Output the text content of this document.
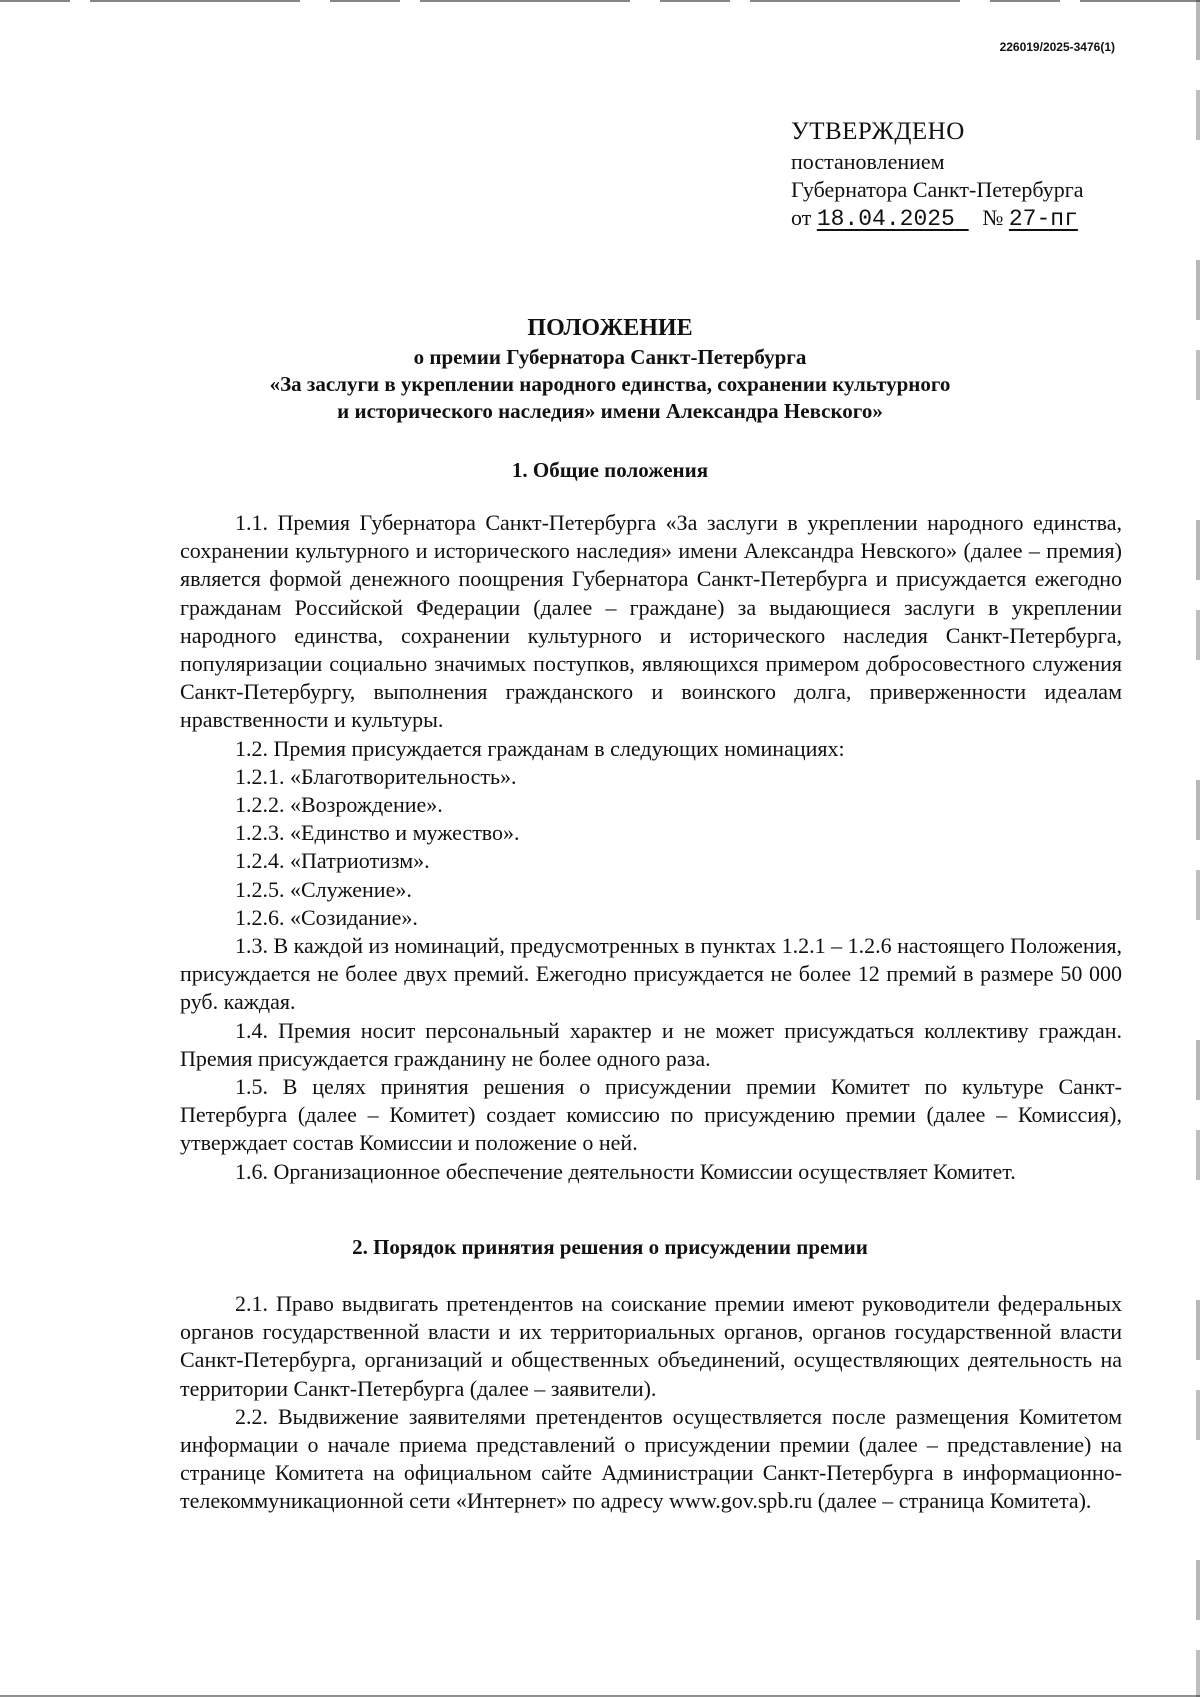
226019/2025-3476(1)
УТВЕРЖДЕНО
постановлением
Губернатора Санкт-Петербурга
от 18.04.2025 № 27-пг
ПОЛОЖЕНИЕ
о премии Губернатора Санкт-Петербурга
«За заслуги в укреплении народного единства, сохранении культурного
и исторического наследия» имени Александра Невского»
1. Общие положения

1.1. Премия Губернатора Санкт-Петербурга «За заслуги в укреплении народного единства, сохранении культурного и исторического наследия» имени Александра Невского» (далее – премия) является формой денежного поощрения Губернатора Санкт-Петербурга и присуждается ежегодно гражданам Российской Федерации (далее – граждане) за выдающиеся заслуги в укреплении народного единства, сохранении культурного и исторического наследия Санкт-Петербурга, популяризации социально значимых поступков, являющихся примером добросовестного служения Санкт-Петербургу, выполнения гражданского и воинского долга, приверженности идеалам нравственности и культуры.

1.2. Премия присуждается гражданам в следующих номинациях:

1.2.1. «Благотворительность».

1.2.2. «Возрождение».

1.2.3. «Единство и мужество».

1.2.4. «Патриотизм».

1.2.5. «Служение».

1.2.6. «Созидание».

1.3. В каждой из номинаций, предусмотренных в пунктах 1.2.1 – 1.2.6 настоящего Положения, присуждается не более двух премий. Ежегодно присуждается не более 12 премий в размере 50 000 руб. каждая.

1.4. Премия носит персональный характер и не может присуждаться коллективу граждан. Премия присуждается гражданину не более одного раза.

1.5. В целях принятия решения о присуждении премии Комитет по культуре Санкт-Петербурга (далее – Комитет) создает комиссию по присуждению премии (далее – Комиссия), утверждает состав Комиссии и положение о ней.

1.6. Организационное обеспечение деятельности Комиссии осуществляет Комитет.

2. Порядок принятия решения о присуждении премии

2.1. Право выдвигать претендентов на соискание премии имеют руководители федеральных органов государственной власти и их территориальных органов, органов государственной власти Санкт-Петербурга, организаций и общественных объединений, осуществляющих деятельность на территории Санкт-Петербурга (далее – заявители).

2.2. Выдвижение заявителями претендентов осуществляется после размещения Комитетом информации о начале приема представлений о присуждении премии (далее – представление) на странице Комитета на официальном сайте Администрации Санкт-Петербурга в информационно-телекоммуникационной сети «Интернет» по адресу www.gov.spb.ru (далее – страница Комитета).
